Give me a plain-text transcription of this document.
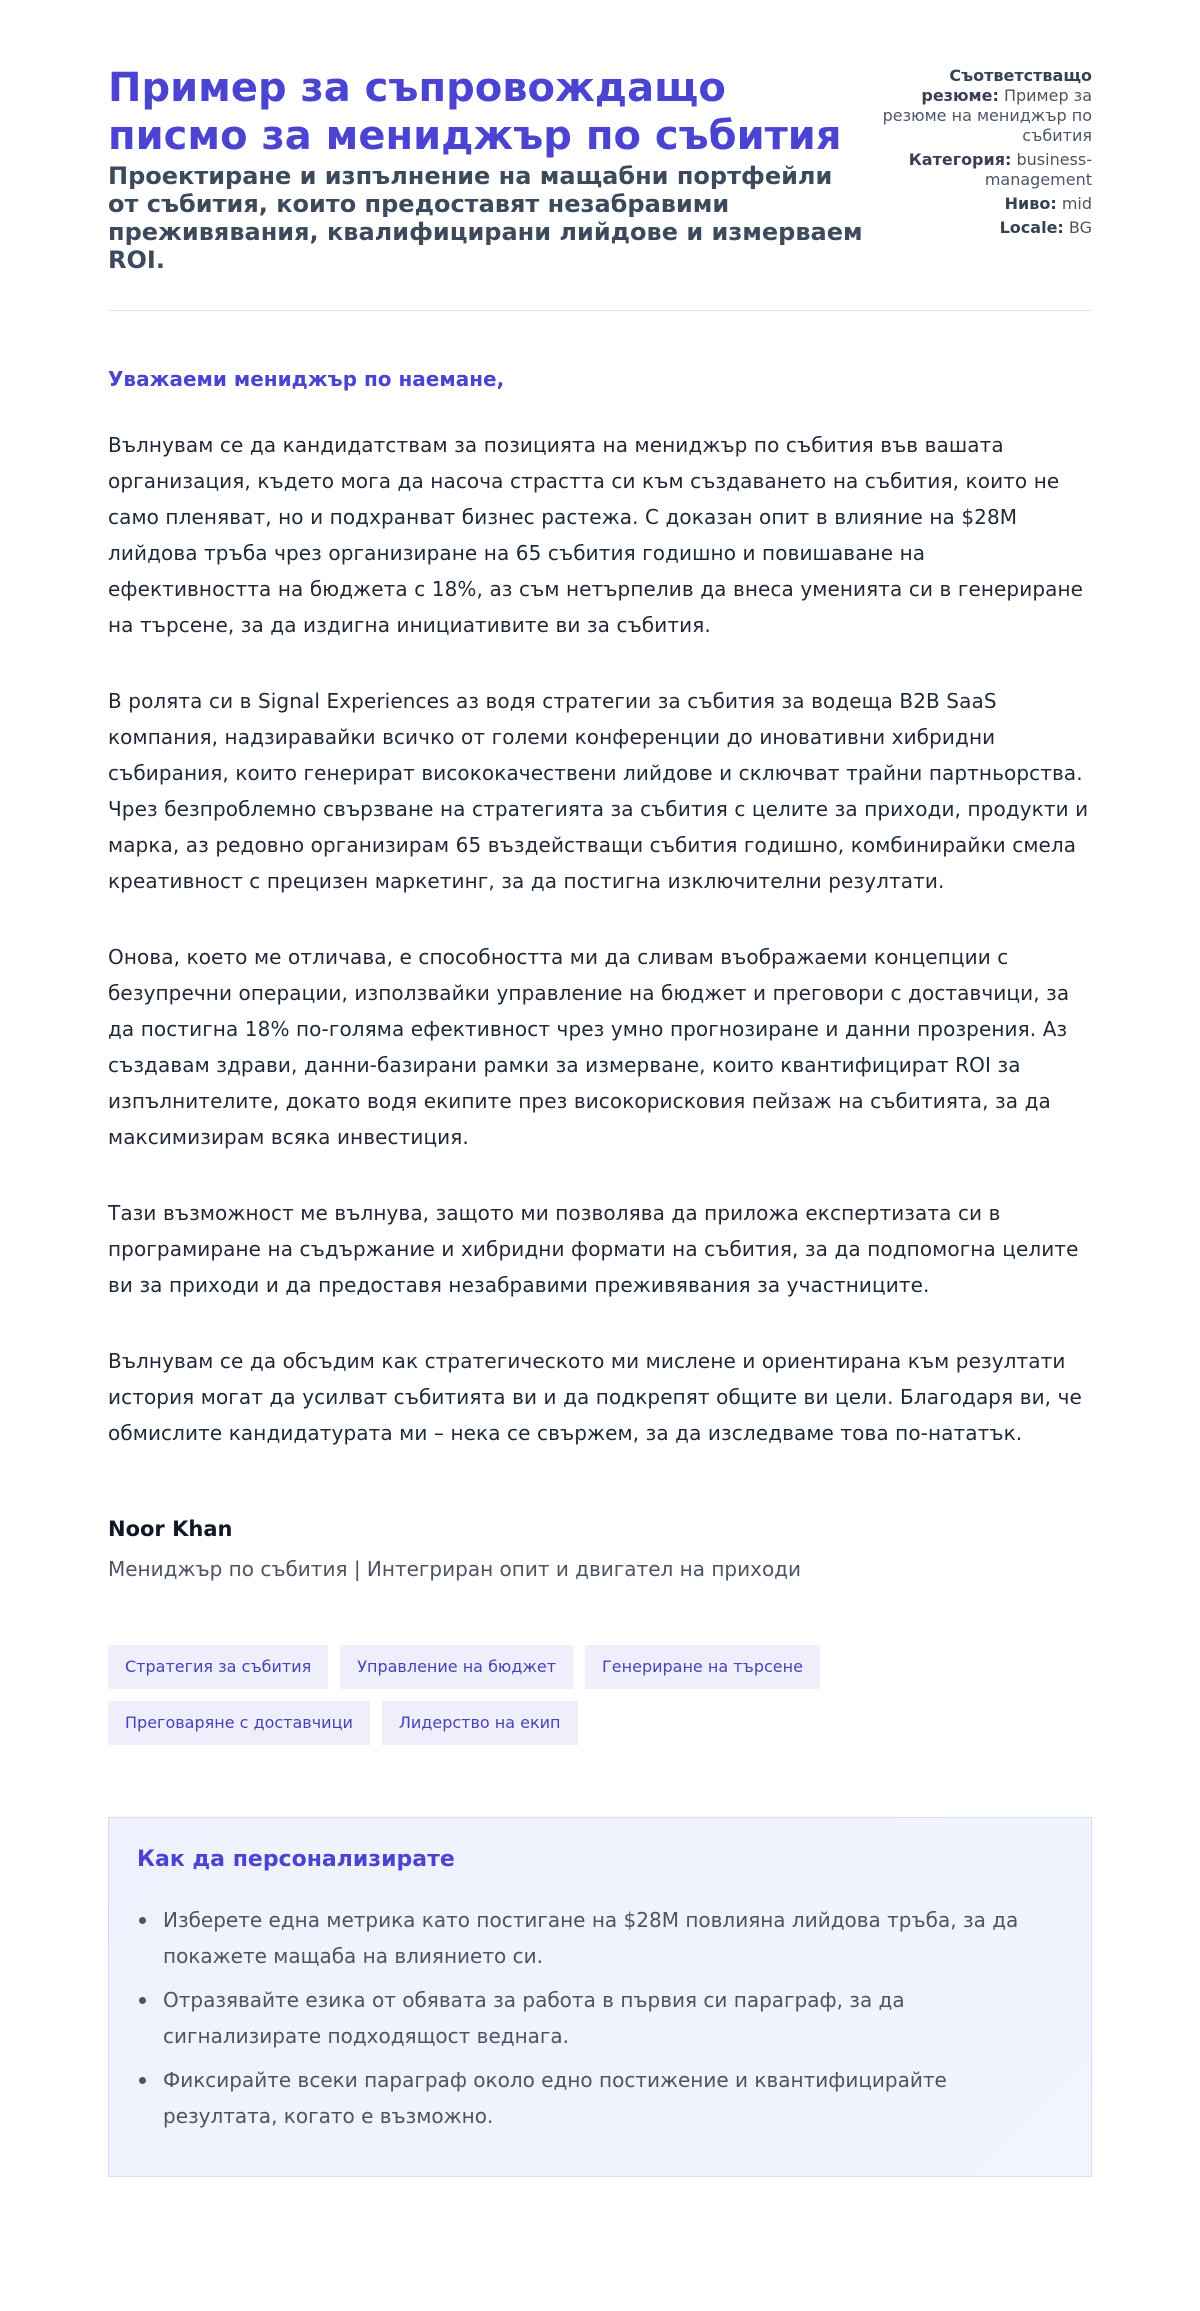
Пример за съпровождащо писмо за мениджър по събития
Проектиране и изпълнение на мащабни портфейли от събития, които предоставят незабравими преживявания, квалифицирани лийдове и измерваем ROI.
Съответстващо резюме: Пример за резюме на мениджър по събития
Категория: business-management
Ниво: mid
Locale: BG

Уважаеми мениджър по наемане,

Вълнувам се да кандидатствам за позицията на мениджър по събития във вашата организация, където мога да насоча страстта си към създаването на събития, които не само пленяват, но и подхранват бизнес растежа. С доказан опит в влияние на $28M лийдова тръба чрез организиране на 65 събития годишно и повишаване на ефективността на бюджета с 18%, аз съм нетърпелив да внеса уменията си в генериране на търсене, за да издигна инициативите ви за събития.

В ролята си в Signal Experiences аз водя стратегии за събития за водеща B2B SaaS компания, надзиравайки всичко от големи конференции до иновативни хибридни събирания, които генерират висококачествени лийдове и сключват трайни партньорства. Чрез безпроблемно свързване на стратегията за събития с целите за приходи, продукти и марка, аз редовно организирам 65 въздействащи събития годишно, комбинирайки смела креативност с прецизен маркетинг, за да постигна изключителни резултати.

Онова, което ме отличава, е способността ми да сливам въображаеми концепции с безупречни операции, използвайки управление на бюджет и преговори с доставчици, за да постигна 18% по-голяма ефективност чрез умно прогнозиране и данни прозрения. Аз създавам здрави, данни-базирани рамки за измерване, които квантифицират ROI за изпълнителите, докато водя екипите през високорисковия пейзаж на събитията, за да максимизирам всяка инвестиция.

Тази възможност ме вълнува, защото ми позволява да приложа експертизата си в програмиране на съдържание и хибридни формати на събития, за да подпомогна целите ви за приходи и да предоставя незабравими преживявания за участниците.

Вълнувам се да обсъдим как стратегическото ми мислене и ориентирана към резултати история могат да усилват събитията ви и да подкрепят общите ви цели. Благодаря ви, че обмислите кандидатурата ми – нека се свържем, за да изследваме това по-нататък.

Noor Khan

Мениджър по събития | Интегриран опит и двигател на приходи

Стратегия за събития	Управление на бюджет	Генериране на търсене
Преговаряне с доставчици	Лидерство на екип
Как да персонализирате
Изберете една метрика като постигане на $28M повлияна лийдова тръба, за да покажете мащаба на влиянието си.
Отразявайте езика от обявата за работа в първия си параграф, за да сигнализирате подходящост веднага.
Фиксирайте всеки параграф около едно постижение и квантифицирайте резултата, когато е възможно.
